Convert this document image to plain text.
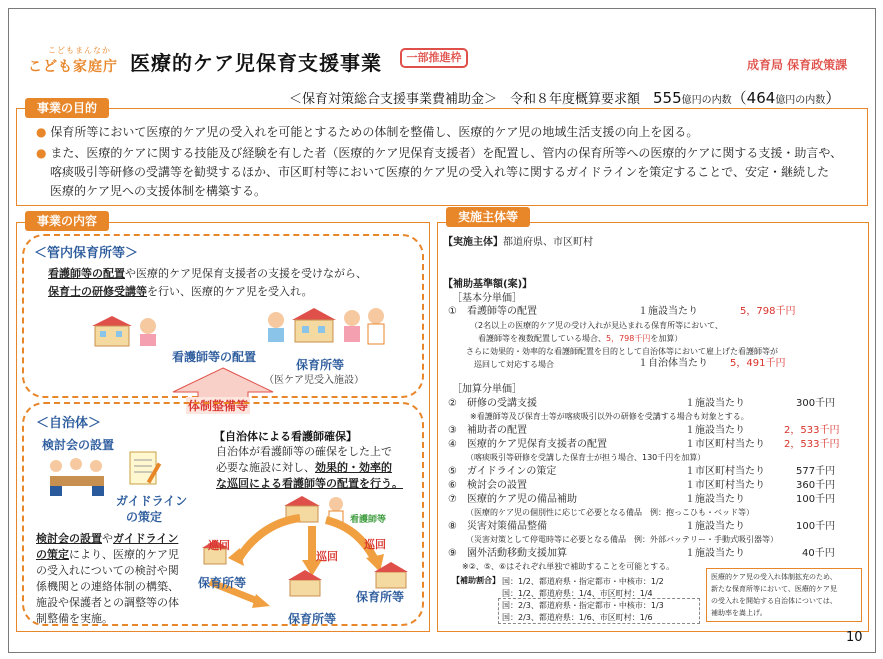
こどもまんなか
こども家庭庁 医療的ケア児保育支援事業	一部推進枠
成育局 保育政策課
＜保育対策総合支援事業費補助金＞　令和８年度概算要求額　555億円の内数（464億円の内数）
事業の目的
● 保育所等において医療的ケア児の受入れを可能とするための体制を整備し、医療的ケア児の地域生活支援の向上を図る。
● また、医療的ケアに関する技能及び経験を有した者（医療的ケア児保育支援者）を配置し、管内の保育所等への医療的ケアに関する支援・助言や、
喀痰吸引等研修の受講等を勧奨するほか、市区町村等において医療的ケア児の受入れ等に関するガイドラインを策定することで、安定・継続した
医療的ケア児への支援体制を構築する。
事業の内容
＜管内保育所等＞
看護師等の配置や医療的ケア児保育支援者の支援を受けながら、
保育士の研修受講等を行い、医療的ケア児を受入れ。
看護師等の配置
保育所等
（医ケア児受入施設）
体制整備等
＜自治体＞
検討会の設置
ガイドライン
の策定
【自治体による看護師確保】
自治体が看護師等の確保をした上で
必要な施設に対し、効果的・効率的
な巡回による看護師等の配置を行う。
看護師等
検討会の設置やガイドライン
の策定により、医療的ケア児
の受入れについての検討や関
係機関との連絡体制の構築、
施設や保護者との調整等の体
制整備を実施。
巡回
巡回
巡回
保育所等
保育所等
保育所等
実施主体等
【実施主体】都道府県、市区町村
【補助基準額(案)】
［基本分単価］
①　看護師等の配置	１施設当たり	5，798千円
（2名以上の医療的ケア児の受け入れが見込まれる保育所等において、
看護師等を複数配置している場合、5，798千円を加算）
さらに効果的・効率的な看護師配置を目的として自治体等において雇上げた看護師等が
巡回して対応する場合	１自治体当たり 5，491千円
［加算分単価］
②　研修の受講支援	１施設当たり	300千円
※看護師等及び保育士等が喀痰吸引以外の研修を受講する場合も対象とする。
③　補助者の配置	１施設当たり	2，533千円
④　医療的ケア児保育支援者の配置	１市区町村当たり 2，533千円
（喀痰吸引等研修を受講した保育士が担う場合、130千円を加算）
⑤　ガイドラインの策定	１市区町村当たり	577千円
⑥　検討会の設置	１市区町村当たり	360千円
⑦　医療的ケア児の備品補助	１施設当たり	100千円
（医療的ケア児の個別性に応じて必要となる備品　例：抱っこひも・ベッド等）
⑧　災害対策備品整備	１施設当たり	100千円
（災害対策として停電時等に必要となる備品　例：外部バッテリー・手動式吸引器等）
⑨　園外活動移動支援加算	１施設当たり	40千円
※②、⑤、⑥はそれぞれ単独で補助することを可能とする。
【補助割合】 国：1/2、都道府県・指定都市・中核市：1/2
国：1/2、都道府県：1/4、市区町村：1/4
国：2/3、都道府県・指定都市・中核市：1/3
国：2/3、都道府県：1/6、市区町村：1/6
医療的ケア児の受入れ体制拡充のため、
新たな保育所等において、医療的ケア児
の受入れを開始する自治体については、
補助率を嵩上げ。
10
